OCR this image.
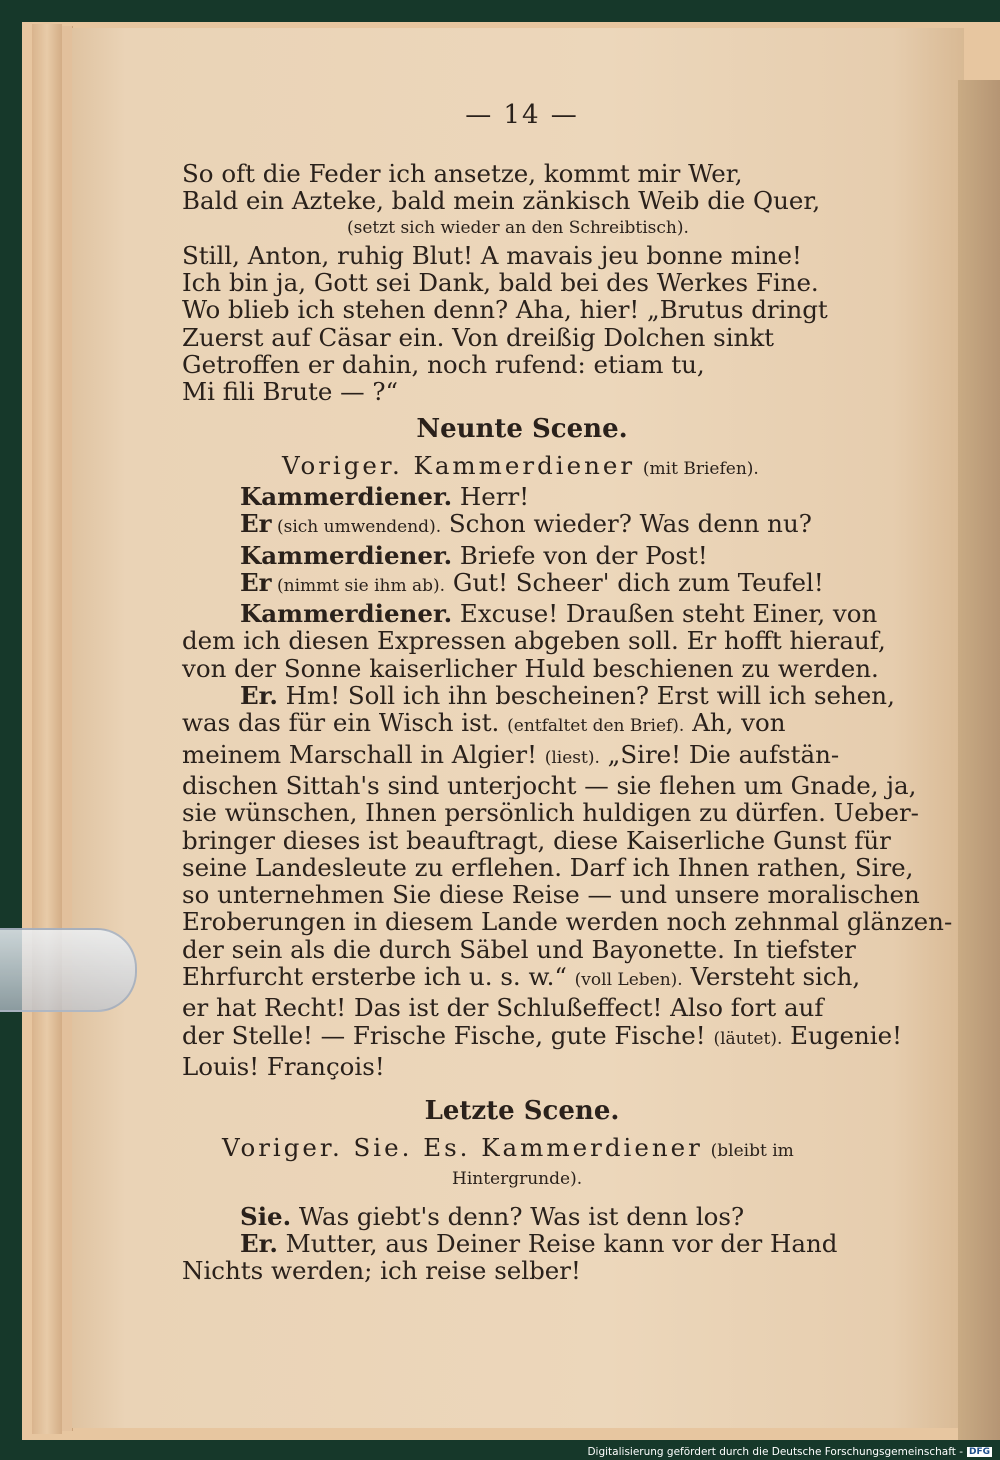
— 14 —
So oft die Feder ich ansetze, kommt mir Wer,
Bald ein Azteke, bald mein zänkisch Weib die Quer,
(setzt sich wieder an den Schreibtisch).
Still, Anton, ruhig Blut! A mavais jeu bonne mine!
Ich bin ja, Gott sei Dank, bald bei des Werkes Fine.
Wo blieb ich stehen denn? Aha, hier! „Brutus dringt
Zuerst auf Cäsar ein. Von dreißig Dolchen sinkt
Getroffen er dahin, noch rufend: etiam tu,
Mi fili Brute — ?“
Neunte Scene.
Voriger. Kammerdiener (mit Briefen).
Kammerdiener. Herr!
Er (sich umwendend). Schon wieder? Was denn nu?
Kammerdiener. Briefe von der Post!
Er (nimmt sie ihm ab). Gut! Scheer' dich zum Teufel!
Kammerdiener. Excuse! Draußen steht Einer, von
dem ich diesen Expressen abgeben soll. Er hofft hierauf,
von der Sonne kaiserlicher Huld beschienen zu werden.
Er. Hm! Soll ich ihn bescheinen? Erst will ich sehen,
was das für ein Wisch ist. (entfaltet den Brief). Ah, von
meinem Marschall in Algier! (liest). „Sire! Die aufstän-
dischen Sittah's sind unterjocht — sie flehen um Gnade, ja,
sie wünschen, Ihnen persönlich huldigen zu dürfen. Ueber-
bringer dieses ist beauftragt, diese Kaiserliche Gunst für
seine Landesleute zu erflehen. Darf ich Ihnen rathen, Sire,
so unternehmen Sie diese Reise — und unsere moralischen
Eroberungen in diesem Lande werden noch zehnmal glänzen-
der sein als die durch Säbel und Bayonette. In tiefster
Ehrfurcht ersterbe ich u. s. w.“ (voll Leben). Versteht sich,
er hat Recht! Das ist der Schlußeffect! Also fort auf
der Stelle! — Frische Fische, gute Fische! (läutet). Eugenie!
Louis! François!
Letzte Scene.
Voriger. Sie. Es. Kammerdiener (bleibt im
Hintergrunde).
Sie. Was giebt's denn? Was ist denn los?
Er. Mutter, aus Deiner Reise kann vor der Hand
Nichts werden; ich reise selber!
Digitalisierung gefördert durch die Deutsche Forschungsgemeinschaft - DFG
